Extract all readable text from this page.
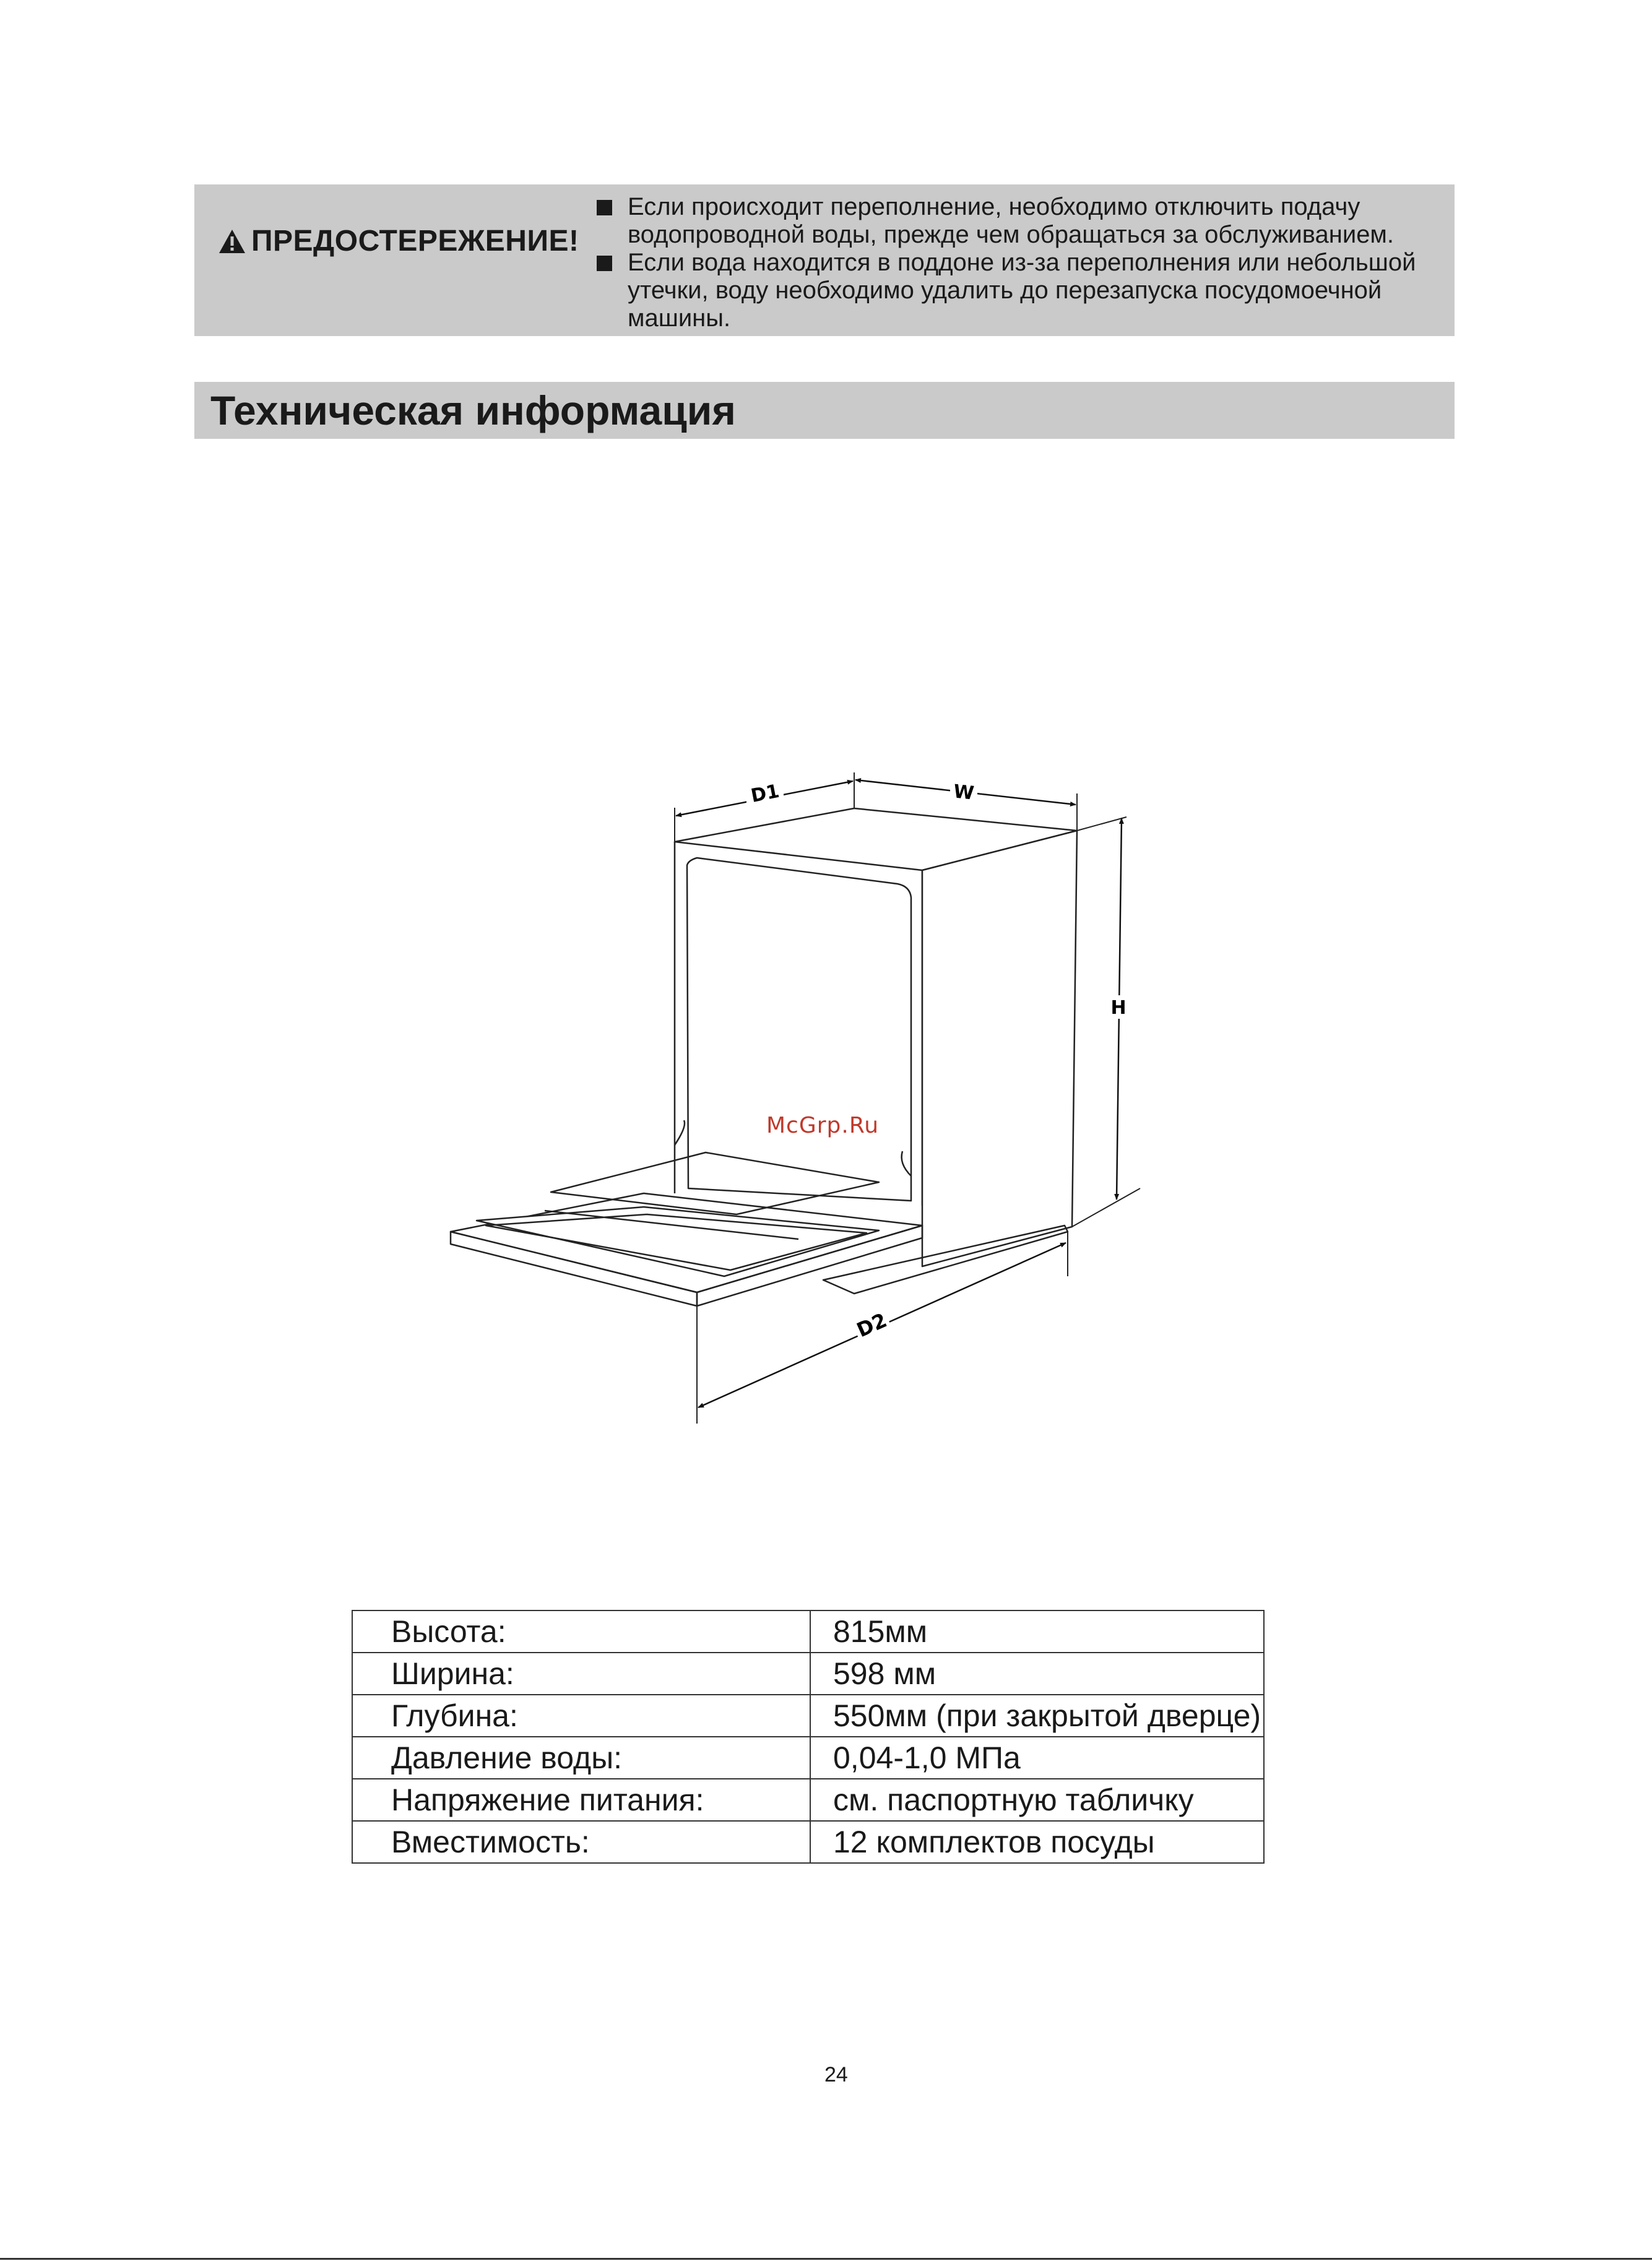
ПРЕДОСТЕРЕЖЕНИЕ!
Если происходит переполнение, необходимо отключить подачу
водопроводной воды, прежде чем обращаться за обслуживанием.
Если вода находится в поддоне из-за переполнения или небольшой
утечки, воду необходимо удалить до перезапуска посудомоечной
машины.
Техническая информация
D1	W
H
D2
McGrp.Ru
Высота:	815мм
Ширина:	598 мм
Глубина:	550мм (при закрытой дверце)
Давление воды:	0,04-1,0 МПа
Напряжение питания:	см. паспортную табличку
Вместимость:	12 комплектов посуды
24
